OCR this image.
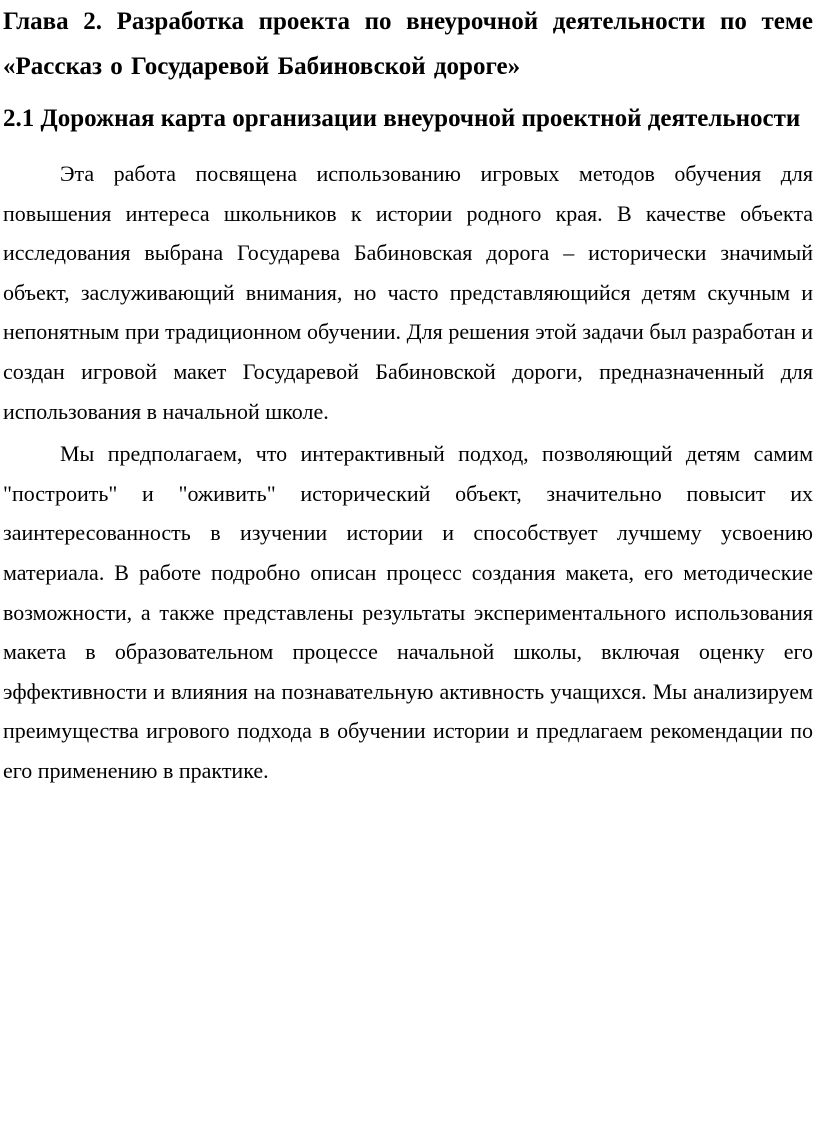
Глава 2. Разработка проекта по внеурочной деятельности по теме «Рассказ о Государевой Бабиновской дороге»
2.1 Дорожная карта организации внеурочной проектной деятельности

Эта работа посвящена использованию игровых методов обучения для повышения интереса школьников к истории родного края. В качестве объекта исследования выбрана Государева Бабиновская дорога – исторически значимый объект, заслуживающий внимания, но часто представляющийся детям скучным и непонятным при традиционном обучении. Для решения этой задачи был разработан и создан игровой макет Государевой Бабиновской дороги, предназначенный для использования в начальной школе.

Мы предполагаем, что интерактивный подход, позволяющий детям самим "построить" и "оживить" исторический объект, значительно повысит их заинтересованность в изучении истории и способствует лучшему усвоению материала. В работе подробно описан процесс создания макета, его методические возможности, а также представлены результаты экспериментального использования макета в образовательном процессе начальной школы, включая оценку его эффективности и влияния на познавательную активность учащихся. Мы анализируем преимущества игрового подхода в обучении истории и предлагаем рекомендации по его применению в практике.
